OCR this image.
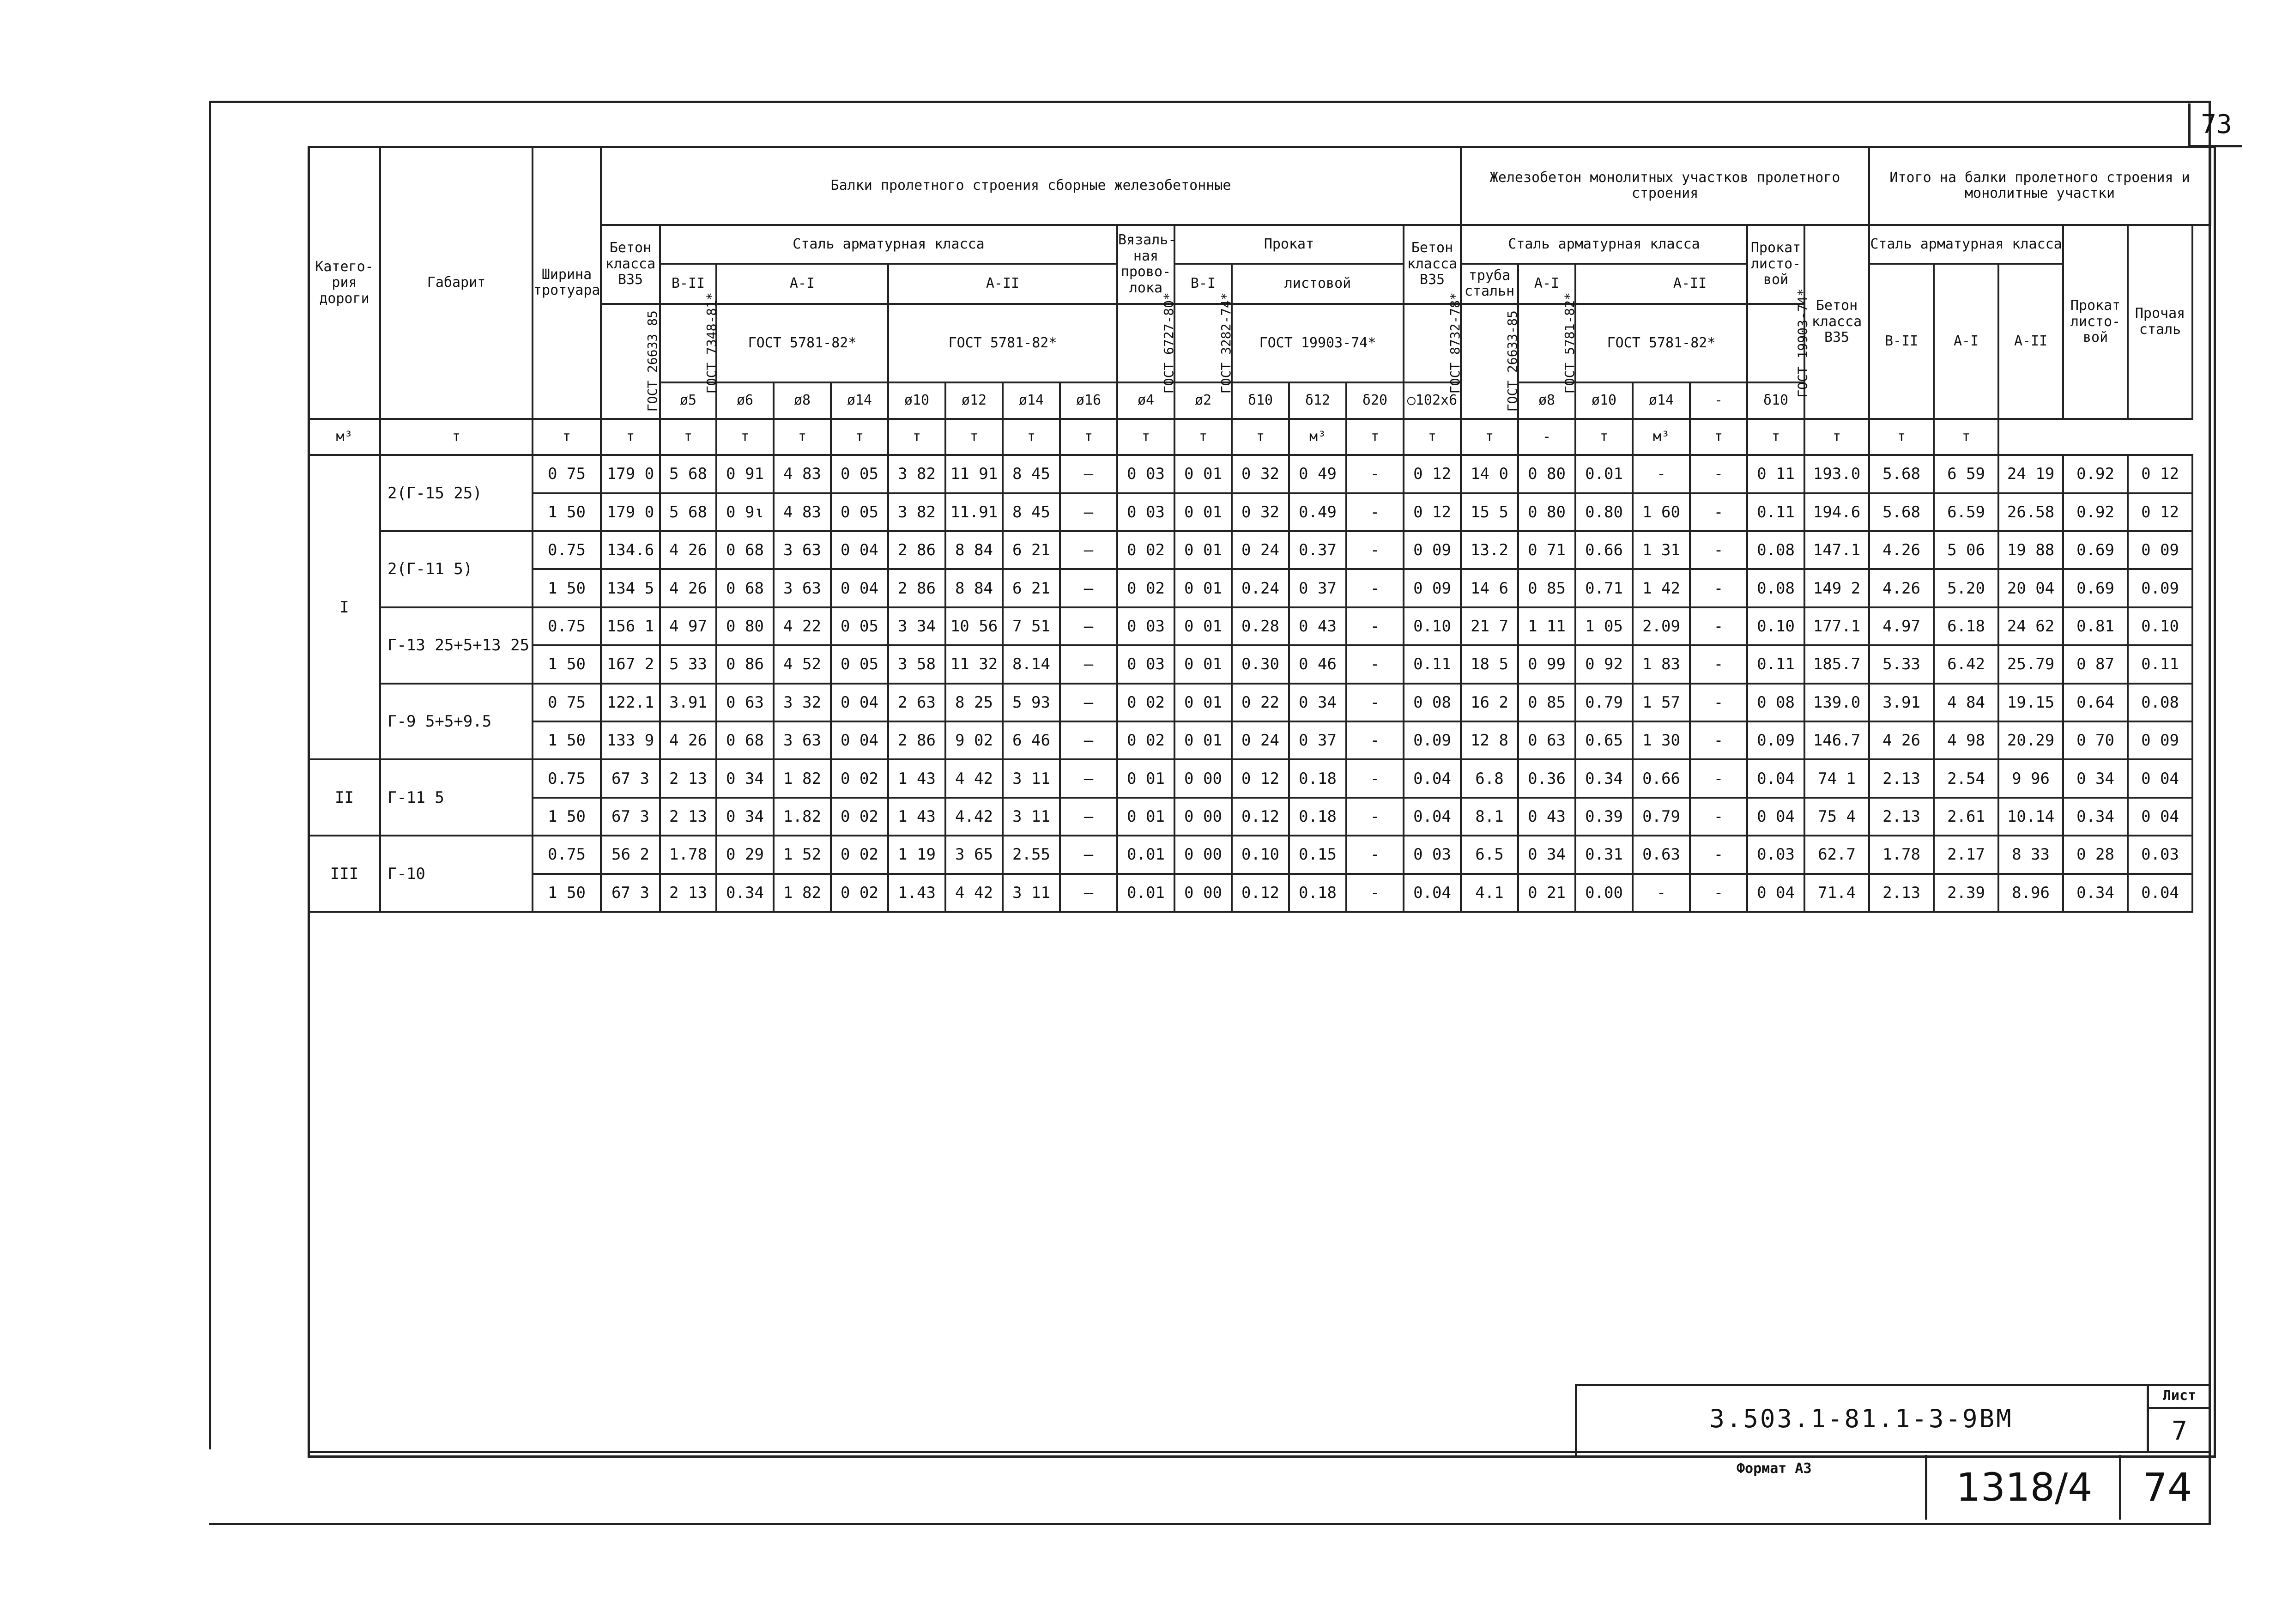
73
Катего-рия дороги	Габарит	Ширина тротуара	Балки пролетного строения сборные железобетонные															Железобетон монолитных участков пролетного строения							Итого на балки пролетного строения и монолитные участки				
			Бетон класса В35	Сталь арматурная класса								Вязаль-ная прово-лока	Прокат				Бетон класса В35	Сталь арматурная класса					Прокат листо-вой	Бетон класса В35	Сталь арматурная класса			Прокат листо-вой	Прочая сталь
				В-II	А-I			А-II					В-I	листовой				труба стальн	А-I	А-II					В-II	А-I	А-II		
			ГОСТ 26633 85	ГОСТ 7348-81*	ГОСТ 5781-82*			ГОСТ 5781-82*				ГОСТ 6727-80*	ГОСТ 3282-74*	ГОСТ 19903-74*			ГОСТ 8732-78*	ГОСТ 26633-85	ГОСТ 5781-82*	ГОСТ 5781-82*			ГОСТ 19903-74*						
				ø5	ø6	ø8	ø14	ø10	ø12	ø14	ø16	ø4	ø2	δ10	δ12	δ20	○102х6		ø8	ø10	ø14	-	δ10						
м³	т	т	т	т	т	т	т	т	т	т	т	т	т	т	м³	т	т	т	-	т	м³	т	т	т	т	т			
I	2(Г-15 25)	0 75	179 0	5 68	0 91	4 83	0 05	3 82	11 91	8 45	–	0 03	0 01	0 32	0 49	-	0 12	14 0	0 80	0.01	-	-	0 11	193.0	5.68	6 59	24 19	0.92	0 12
		1 50	179 0	5 68	0 9ι	4 83	0 05	3 82	11.91	8 45	–	0 03	0 01	0 32	0.49	-	0 12	15 5	0 80	0.80	1 60	-	0.11	194.6	5.68	6.59	26.58	0.92	0 12
	2(Г-11 5)	0.75	134.6	4 26	0 68	3 63	0 04	2 86	8 84	6 21	–	0 02	0 01	0 24	0.37	-	0 09	13.2	0 71	0.66	1 31	-	0.08	147.1	4.26	5 06	19 88	0.69	0 09
		1 50	134 5	4 26	0 68	3 63	0 04	2 86	8 84	6 21	–	0 02	0 01	0.24	0 37	-	0 09	14 6	0 85	0.71	1 42	-	0.08	149 2	4.26	5.20	20 04	0.69	0.09
	Г-13 25+5+13 25	0.75	156 1	4 97	0 80	4 22	0 05	3 34	10 56	7 51	–	0 03	0 01	0.28	0 43	-	0.10	21 7	1 11	1 05	2.09	-	0.10	177.1	4.97	6.18	24 62	0.81	0.10
		1 50	167 2	5 33	0 86	4 52	0 05	3 58	11 32	8.14	–	0 03	0 01	0.30	0 46	-	0.11	18 5	0 99	0 92	1 83	-	0.11	185.7	5.33	6.42	25.79	0 87	0.11
	Г-9 5+5+9.5	0 75	122.1	3.91	0 63	3 32	0 04	2 63	8 25	5 93	–	0 02	0 01	0 22	0 34	-	0 08	16 2	0 85	0.79	1 57	-	0 08	139.0	3.91	4 84	19.15	0.64	0.08
		1 50	133 9	4 26	0 68	3 63	0 04	2 86	9 02	6 46	–	0 02	0 01	0 24	0 37	-	0.09	12 8	0 63	0.65	1 30	-	0.09	146.7	4 26	4 98	20.29	0 70	0 09
II	Г-11 5	0.75	67 3	2 13	0 34	1 82	0 02	1 43	4 42	3 11	–	0 01	0 00	0 12	0.18	-	0.04	6.8	0.36	0.34	0.66	-	0.04	74 1	2.13	2.54	9 96	0 34	0 04
		1 50	67 3	2 13	0 34	1.82	0 02	1 43	4.42	3 11	–	0 01	0 00	0.12	0.18	-	0.04	8.1	0 43	0.39	0.79	-	0 04	75 4	2.13	2.61	10.14	0.34	0 04
III	Г-10	0.75	56 2	1.78	0 29	1 52	0 02	1 19	3 65	2.55	–	0.01	0 00	0.10	0.15	-	0 03	6.5	0 34	0.31	0.63	-	0.03	62.7	1.78	2.17	8 33	0 28	0.03
		1 50	67 3	2 13	0.34	1 82	0 02	1.43	4 42	3 11	–	0.01	0 00	0.12	0.18	-	0.04	4.1	0 21	0.00	-	-	0 04	71.4	2.13	2.39	8.96	0.34	0.04
3.503.1-81.1-3-9ВМ
Лист
7
Формат А3	1318/4	74
